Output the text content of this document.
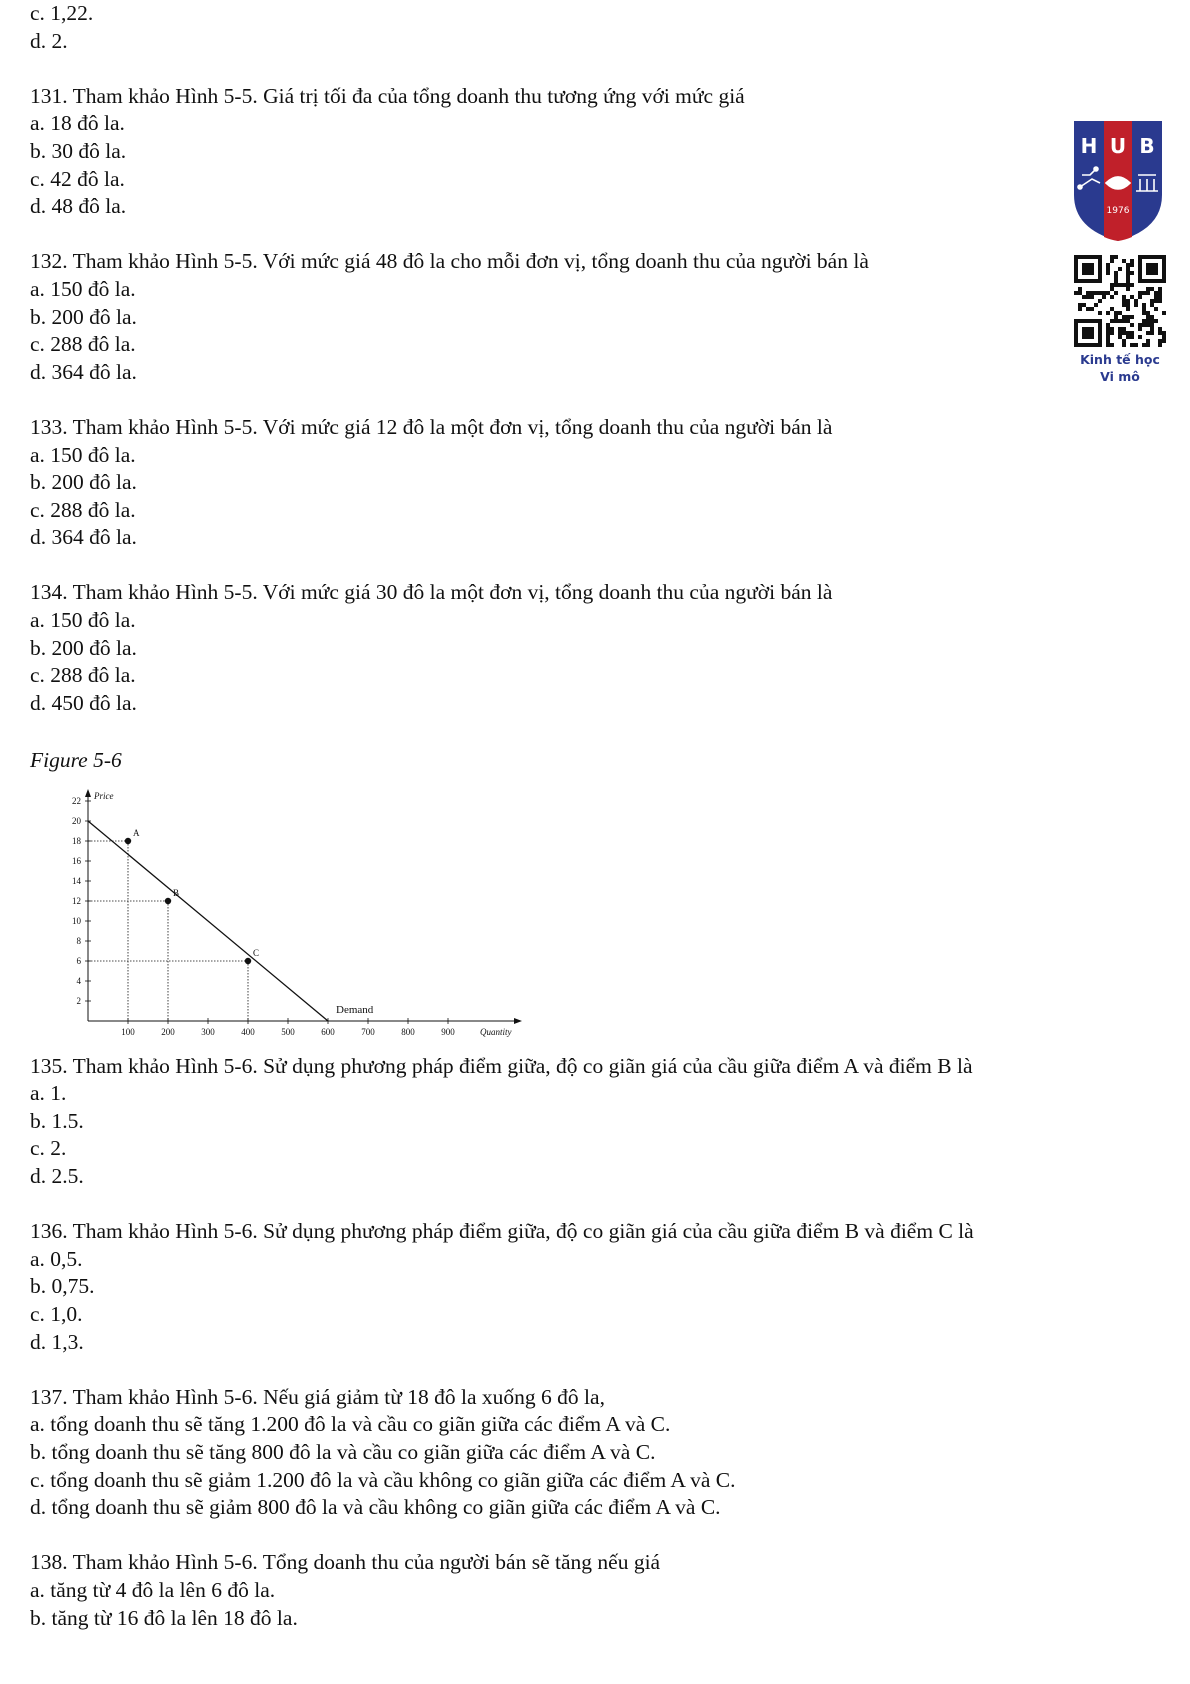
c. 1,22.
d. 2.
131. Tham khảo Hình 5-5. Giá trị tối đa của tổng doanh thu tương ứng với mức giá
a. 18 đô la.
b. 30 đô la.
c. 42 đô la.
d. 48 đô la.
132. Tham khảo Hình 5-5. Với mức giá 48 đô la cho mỗi đơn vị, tổng doanh thu của người bán là
a. 150 đô la.
b. 200 đô la.
c. 288 đô la.
d. 364 đô la.
133. Tham khảo Hình 5-5. Với mức giá 12 đô la một đơn vị, tổng doanh thu của người bán là
a. 150 đô la.
b. 200 đô la.
c. 288 đô la.
d. 364 đô la.
134. Tham khảo Hình 5-5. Với mức giá 30 đô la một đơn vị, tổng doanh thu của người bán là
a. 150 đô la.
b. 200 đô la.
c. 288 đô la.
d. 450 đô la.
Figure 5-6
2
4
6
8
10
12
14
16
18
20
22
100	200	300	400	500	600	700	800	900
Price
Quantity
Demand
A
B
C
135. Tham khảo Hình 5-6. Sử dụng phương pháp điểm giữa, độ co giãn giá của cầu giữa điểm A và điểm B là
a. 1.
b. 1.5.
c. 2.
d. 2.5.
136. Tham khảo Hình 5-6. Sử dụng phương pháp điểm giữa, độ co giãn giá của cầu giữa điểm B và điểm C là
a. 0,5.
b. 0,75.
c. 1,0.
d. 1,3.
137. Tham khảo Hình 5-6. Nếu giá giảm từ 18 đô la xuống 6 đô la,
a. tổng doanh thu sẽ tăng 1.200 đô la và cầu co giãn giữa các điểm A và C.
b. tổng doanh thu sẽ tăng 800 đô la và cầu co giãn giữa các điểm A và C.
c. tổng doanh thu sẽ giảm 1.200 đô la và cầu không co giãn giữa các điểm A và C.
d. tổng doanh thu sẽ giảm 800 đô la và cầu không co giãn giữa các điểm A và C.
138. Tham khảo Hình 5-6. Tổng doanh thu của người bán sẽ tăng nếu giá
a. tăng từ 4 đô la lên 6 đô la.
b. tăng từ 16 đô la lên 18 đô la.
H U B
1976
Kinh tế học
Vi mô
